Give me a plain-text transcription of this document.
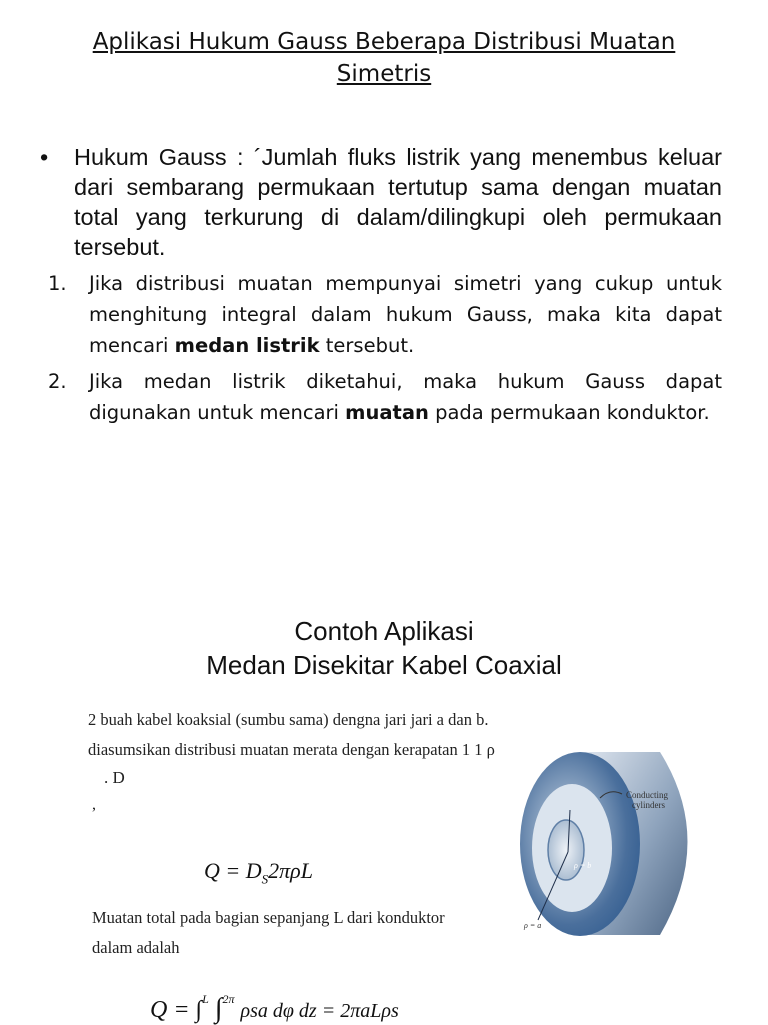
Aplikasi Hukum Gauss Beberapa Distribusi Muatan
Simetris
•	Hukum Gauss : ´Jumlah fluks listrik yang menembus keluar dari sembarang permukaan tertutup sama dengan muatan total yang terkurung di dalam/dilingkupi oleh permukaan tersebut.
1.	Jika distribusi muatan mempunyai simetri yang cukup untuk menghitung integral dalam hukum Gauss, maka kita dapat mencari medan listrik tersebut.
2.	Jika medan listrik diketahui, maka hukum Gauss dapat digunakan untuk mencari muatan pada permukaan konduktor.
Contoh Aplikasi
Medan Disekitar Kabel Coaxial
2 buah kabel koaksial (sumbu sama) dengna jari jari a dan b.
diasumsikan distribusi muatan merata dengan kerapatan 1 1 ρ
. D
,
$Q = D_S2\pi\rho L$
Muatan total pada bagian sepanjang L dari konduktor
dalam adalah
Q = ∫$^L$ ∫$^{2\pi}$ ρsa dφ dz = 2πaLρs
Conducting
cylinders
ρ = b
ρ = a
